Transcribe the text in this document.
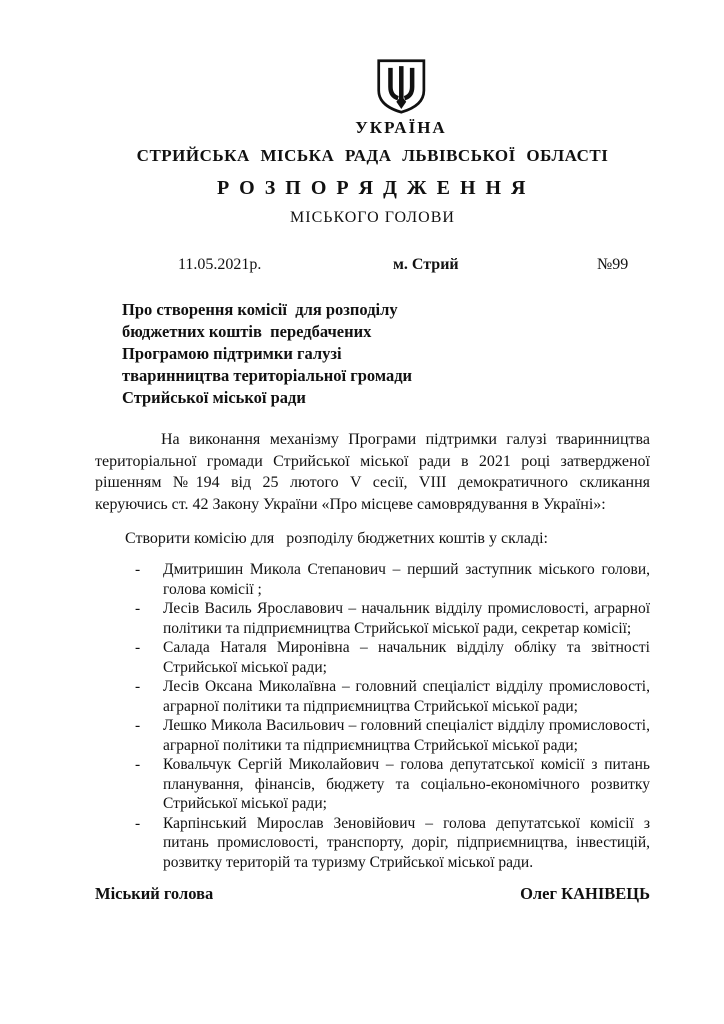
УКРАЇНА
СТРИЙСЬКА МІСЬКА РАДА ЛЬВІВСЬКОЇ ОБЛАСТІ
Р О З П О Р Я Д Ж Е Н Н Я
МІСЬКОГО ГОЛОВИ
11.05.2021р.	м. Стрий	№99
Про створення комісії  для розподілу
бюджетних коштів  передбачених
Програмою підтримки галузі
тваринництва територіальної громади
Стрийської міської ради
На виконання механізму Програми підтримки галузі тваринництва територіальної громади Стрийської міської ради в 2021 році затвердженої рішенням №194 від 25 лютого V сесії, VIII демократичного скликання керуючись ст. 42 Закону України «Про місцеве самоврядування в Україні»:
Створити комісію для   розподілу бюджетних коштів у складі:
- Дмитришин Микола Степанович – перший заступник міського голови, голова комісії ;
- Лесів Василь Ярославович – начальник відділу промисловості, аграрної політики та підприємництва Стрийської міської ради, секретар комісії;
- Салада Наталя Миронівна – начальник відділу обліку та звітності Стрийської міської ради;
- Лесів Оксана Миколаївна – головний спеціаліст відділу промисловості, аграрної політики та підприємництва Стрийської міської ради;
- Лешко Микола Васильович – головний спеціаліст відділу промисловості, аграрної політики та підприємництва Стрийської міської ради;
- Ковальчук Сергій Миколайович – голова депутатської комісії з питань планування, фінансів, бюджету та соціально-економічного розвитку Стрийської міської ради;
- Карпінський Мирослав Зеновійович – голова депутатської комісії з питань промисловості, транспорту, доріг, підприємництва, інвестицій, розвитку територій та туризму Стрийської міської ради.
Міський голова	Олег КАНІВЕЦЬ
